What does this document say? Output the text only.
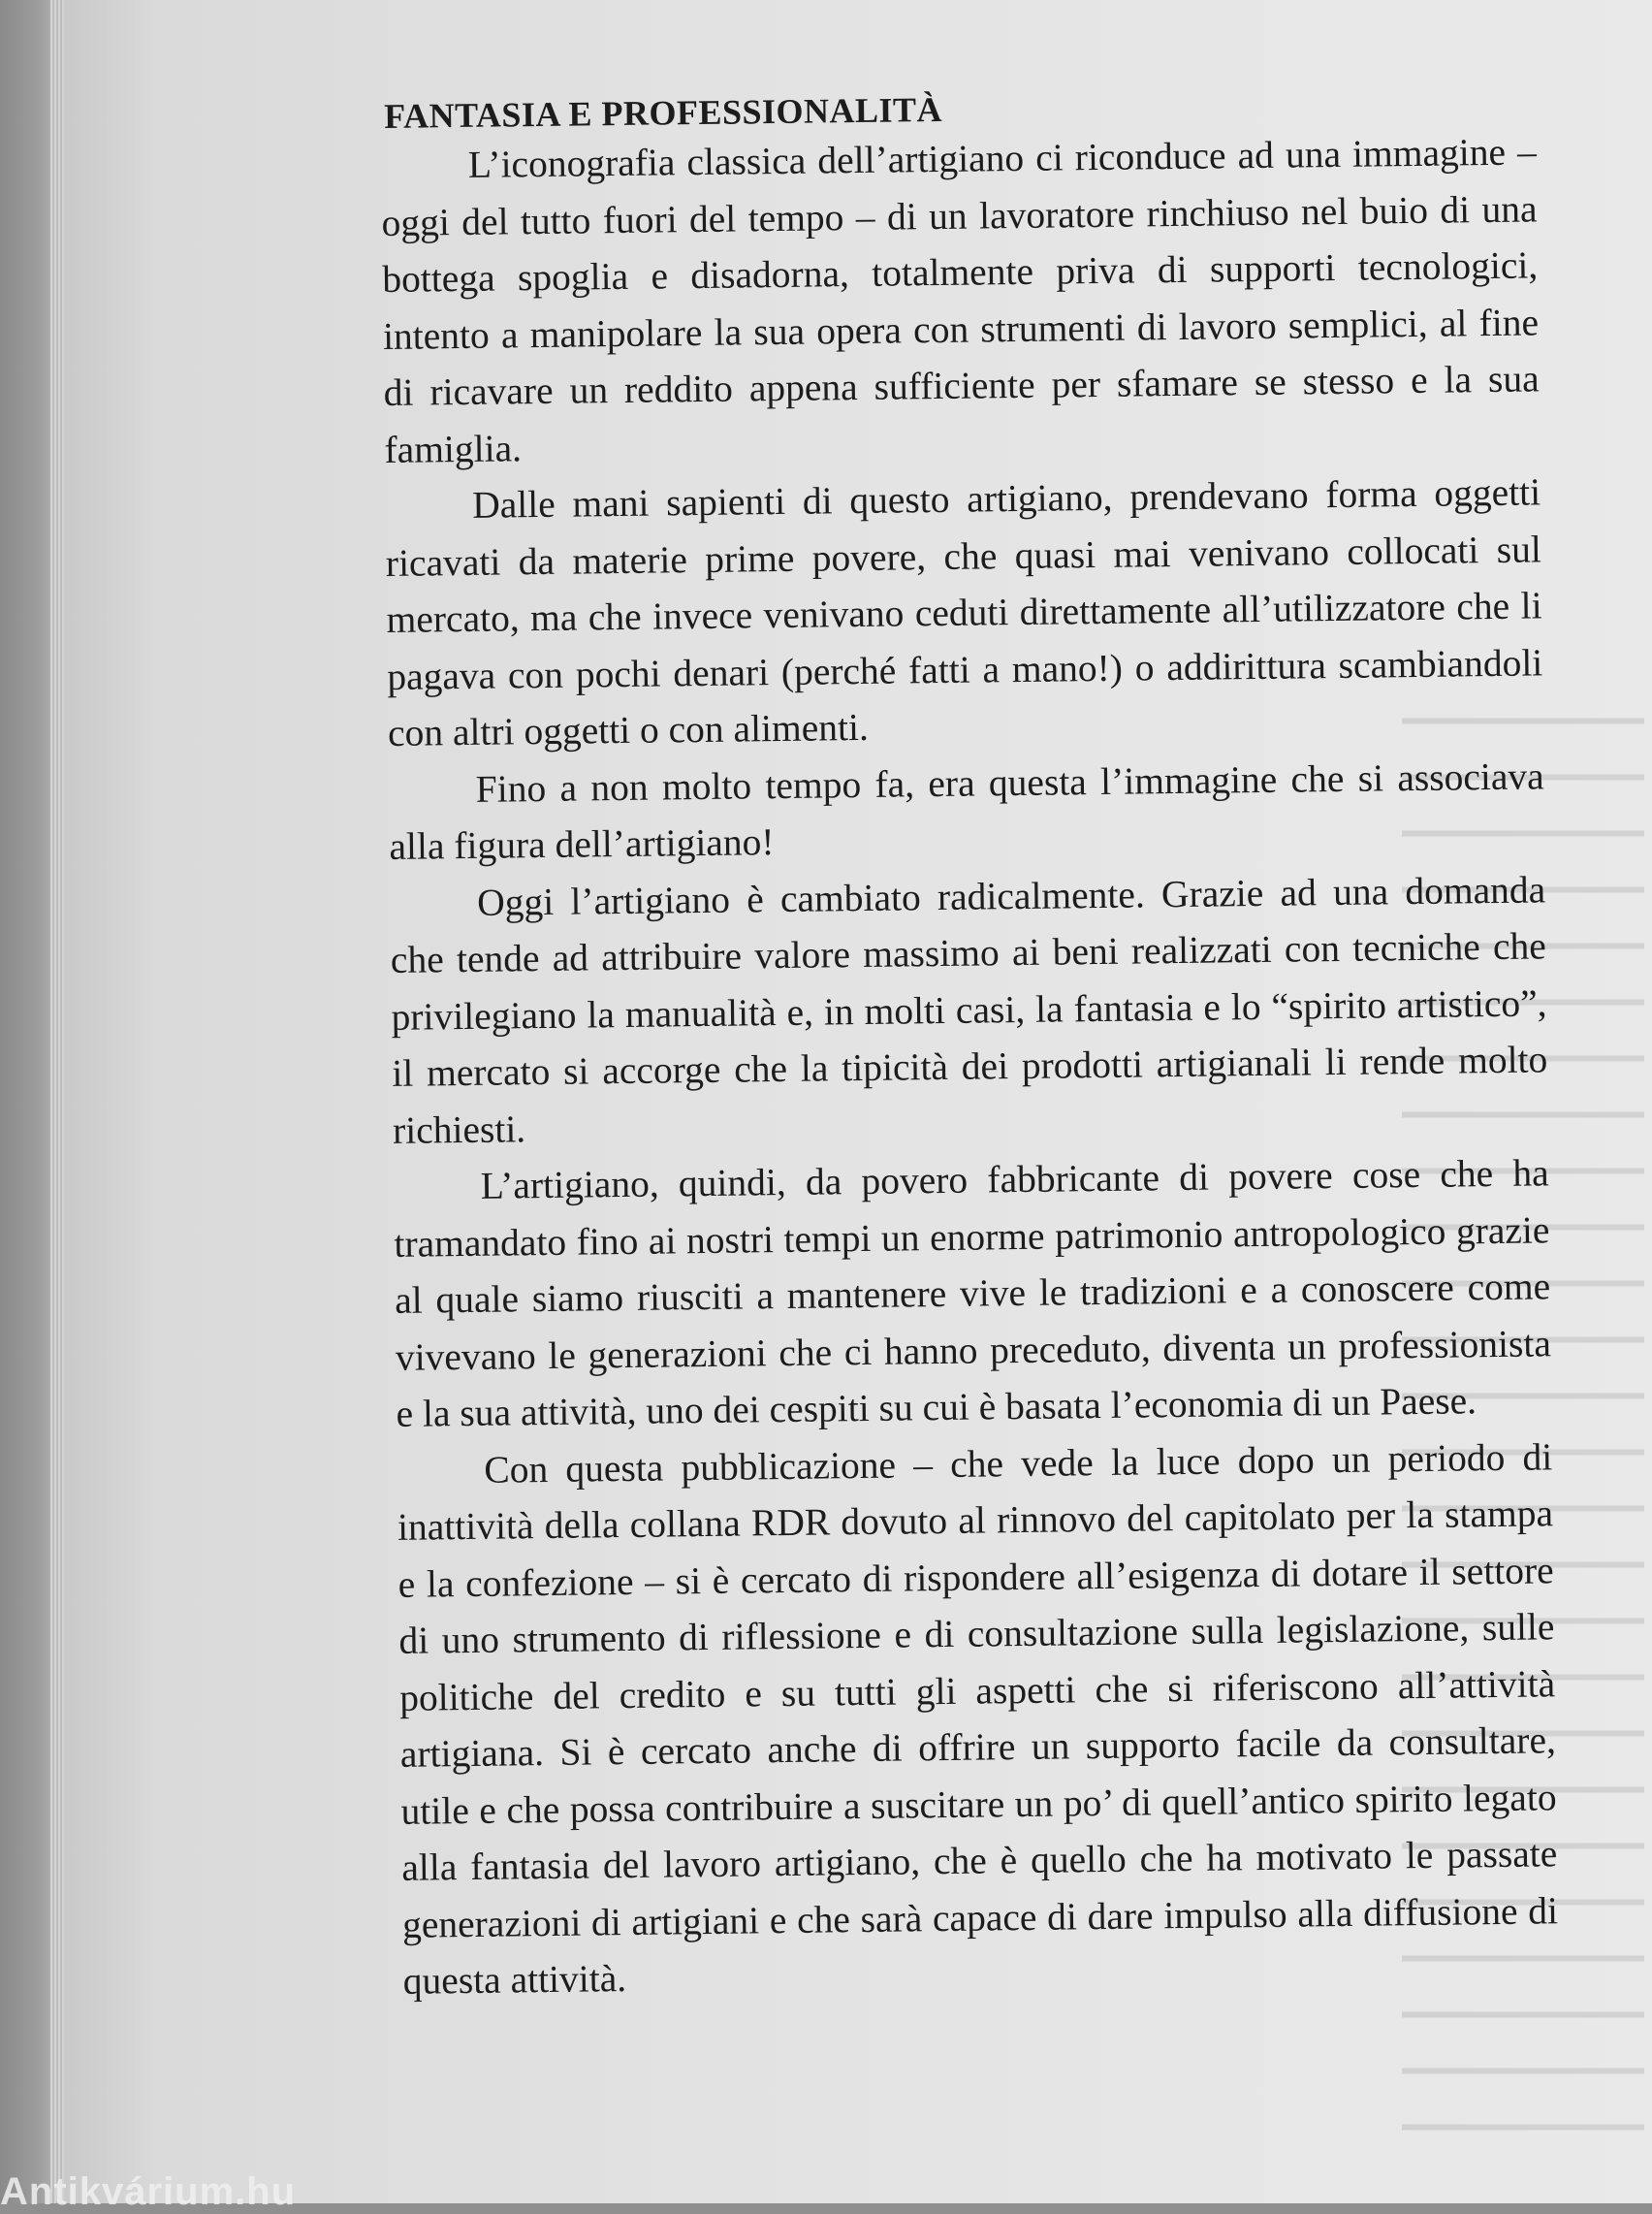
FANTASIA E PROFESSIONALITÀ

L’iconografia classica dell’artigiano ci riconduce ad una immagine – oggi del tutto fuori del tempo – di un lavoratore rinchiuso nel buio di una bottega spoglia e disadorna, totalmente priva di supporti tecnologici, intento a manipolare la sua opera con strumenti di lavoro semplici, al fine di ricavare un reddito appena sufficiente per sfamare se stesso e la sua famiglia.

Dalle mani sapienti di questo artigiano, prendevano forma oggetti ricavati da materie prime povere, che quasi mai venivano collocati sul mercato, ma che invece venivano ceduti direttamente all’utilizzatore che li pagava con pochi denari (perché fatti a mano!) o addirittura scambiandoli con altri oggetti o con alimenti.

Fino a non molto tempo fa, era questa l’immagine che si associava alla figura dell’artigiano!

Oggi l’artigiano è cambiato radicalmente. Grazie ad una domanda che tende ad attribuire valore massimo ai beni realizzati con tecniche che privilegiano la manualità e, in molti casi, la fantasia e lo “spirito artistico”, il mercato si accorge che la tipicità dei prodotti artigianali li rende molto richiesti.

L’artigiano, quindi, da povero fabbricante di povere cose che ha tramandato fino ai nostri tempi un enorme patrimonio antropologico grazie al quale siamo riusciti a mantenere vive le tradizioni e a conoscere come vivevano le generazioni che ci hanno preceduto, diventa un professionista e la sua attività, uno dei cespiti su cui è basata l’economia di un Paese.

Con questa pubblicazione – che vede la luce dopo un periodo di inattività della collana RDR dovuto al rinnovo del capitolato per la stampa e la confezione – si è cercato di rispondere all’esigenza di dotare il settore di uno strumento di riflessione e di consultazione sulla legislazione, sulle politiche del credito e su tutti gli aspetti che si riferiscono all’attività artigiana. Si è cercato anche di offrire un supporto facile da consultare, utile e che possa contribuire a suscitare un po’ di quell’antico spirito legato alla fantasia del lavoro artigiano, che è quello che ha motivato le passate generazioni di artigiani e che sarà capace di dare impulso alla diffusione di questa attività.

Antikvárium.hu
